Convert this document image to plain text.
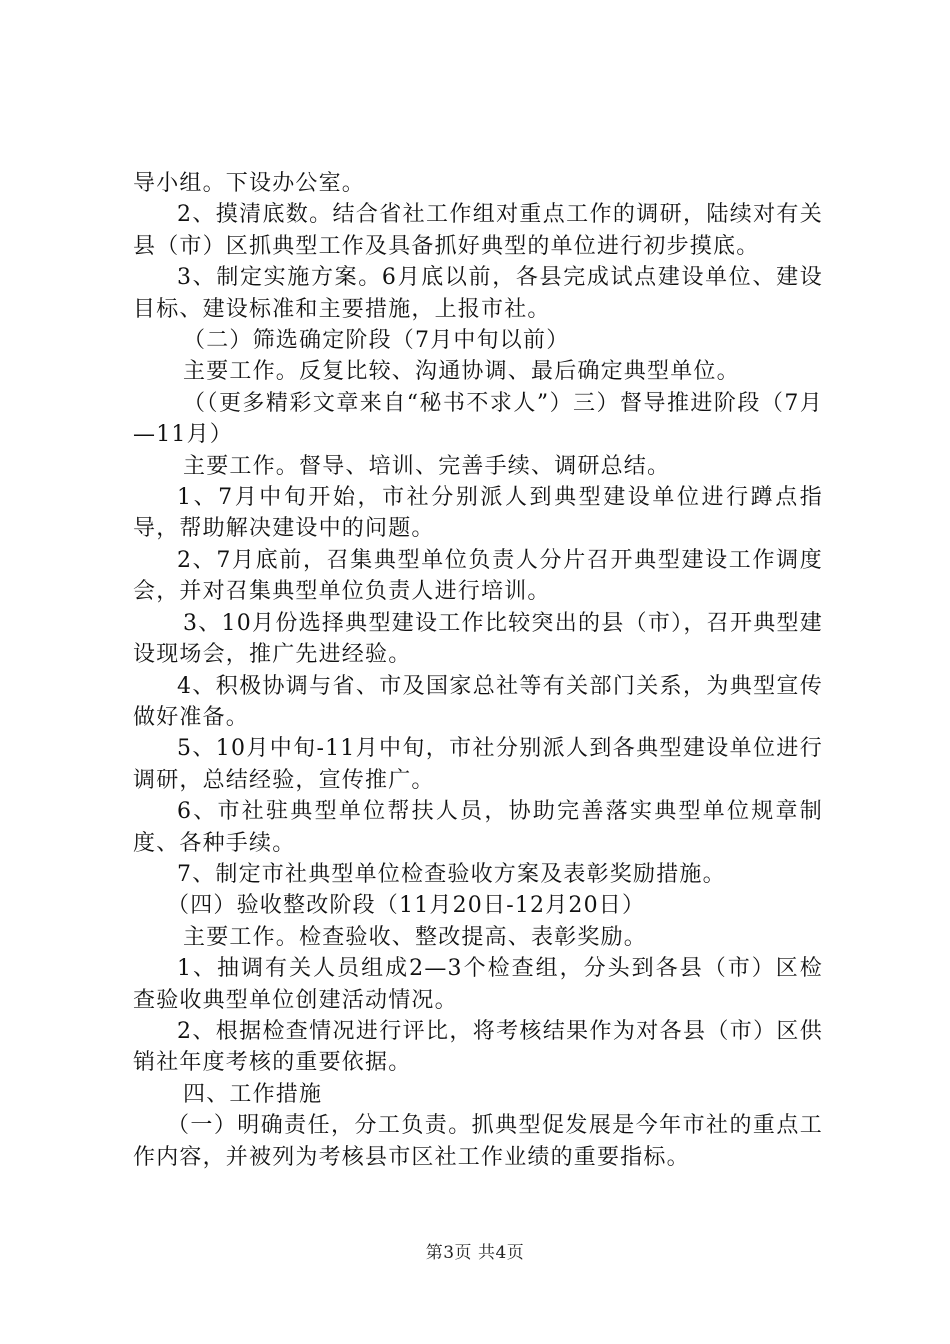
导小组。下设办公室。

2、摸清底数。结合省社工作组对重点工作的调研，陆续对有关县（市）区抓典型工作及具备抓好典型的单位进行初步摸底。

3、制定实施方案。6月底以前，各县完成试点建设单位、建设目标、建设标准和主要措施，上报市社。

（二）筛选确定阶段（7月中旬以前）

主要工作。反复比较、沟通协调、最后确定典型单位。

（（更多精彩文章来自“秘书不求人”）三）督导推进阶段（7月—11月）

主要工作。督导、培训、完善手续、调研总结。

1、7月中旬开始，市社分别派人到典型建设单位进行蹲点指导，帮助解决建设中的问题。

2、7月底前，召集典型单位负责人分片召开典型建设工作调度会，并对召集典型单位负责人进行培训。

3、10月份选择典型建设工作比较突出的县（市），召开典型建设现场会，推广先进经验。

4、积极协调与省、市及国家总社等有关部门关系，为典型宣传做好准备。

5、10月中旬-11月中旬，市社分别派人到各典型建设单位进行调研，总结经验，宣传推广。

6、市社驻典型单位帮扶人员，协助完善落实典型单位规章制度、各种手续。

7、制定市社典型单位检查验收方案及表彰奖励措施。

（四）验收整改阶段（11月20日-12月20日）

主要工作。检查验收、整改提高、表彰奖励。

1、抽调有关人员组成2—3个检查组，分头到各县（市）区检查验收典型单位创建活动情况。

2、根据检查情况进行评比，将考核结果作为对各县（市）区供销社年度考核的重要依据。

四、工作措施

（一）明确责任，分工负责。抓典型促发展是今年市社的重点工作内容，并被列为考核县市区社工作业绩的重要指标。

第3页 共4页
